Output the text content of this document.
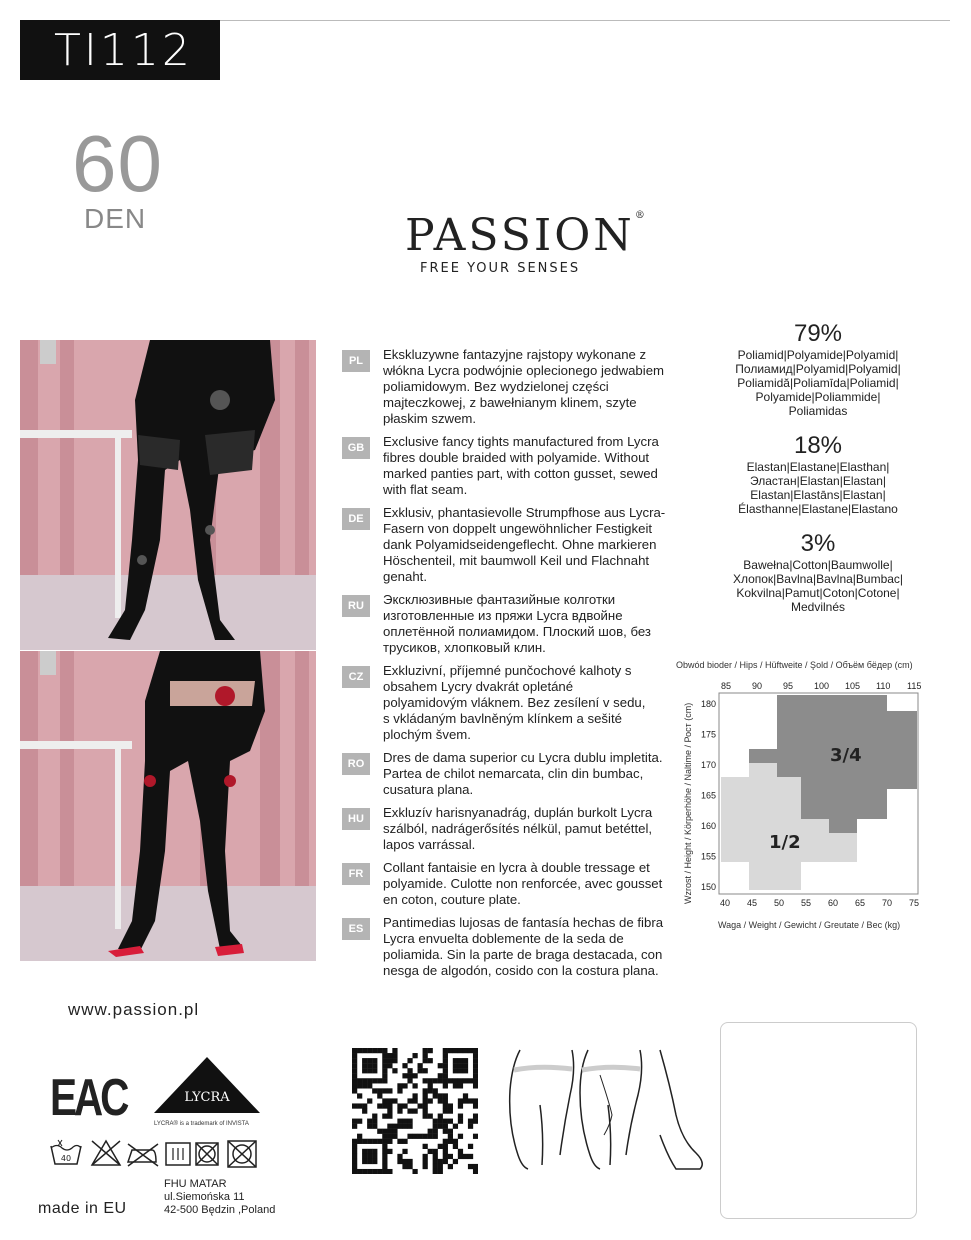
TI112
60
DEN	PASSION®
FREE YOUR SENSES
PL	Ekskluzywne fantazyjne rajstopy wykonane z włókna Lycra podwójnie oplecionego jedwabiem poliamidowym. Bez wydzielonej części majteczkowej, z bawełnianym klinem, szyte płaskim szwem.
GB	Exclusive fancy tights manufactured from Lycra fibres double braided with polyamide. Without marked panties part, with cotton gusset, sewed with flat seam.
DE	Exklusiv, phantasievolle Strumpfhose aus Lycra-Fasern von doppelt ungewöhnlicher Festigkeit dank Polyamidseidengeflecht. Ohne markieren Höschenteil, mit baumwoll Keil und Flachnaht genaht.
RU	Эксклюзивные фантазийные колготки изготовленные из пряжи Lycra вдвойне оплетённой полиамидом. Плоский шов, без трусиков, хлопковый клин.
CZ	Exkluzivní, příjemné punčochové kalhoty s obsahem Lycry dvakrát opletáné polyamidovým vláknem. Bez zesílení v sedu, s vkládaným bavlněným klínkem a sešité plochým švem.
RO	Dres de dama superior cu Lycra dublu impletita. Partea de chilot nemarcata, clin din bumbac, cusatura plana.
HU	Exkluzív harisnyanadrág, duplán burkolt Lycra szálból, nadrágerősítés nélkül, pamut betéttel, lapos varrással.
FR	Collant fantaisie en lycra à double tressage et polyamide. Culotte non renforcée, avec gousset en coton, couture plate.
ES	Pantimedias lujosas de fantasía hechas de fibra Lycra envuelta doblemente de la seda de poliamida. Sin la parte de braga destacada, con nesga de algodón, cosido con la costura plana.
79%
Poliamid|Polyamide|Polyamid| Полиамид|Polyamid|Polyamid| Poliamidă|Poliamīda|Poliamid| Polyamide|Poliammide| Poliamidas
18%
Elastan|Elastane|Elasthan| Эластан|Elastan|Elastan| Elastan|Elastāns|Elastan| Élasthanne|Elastane|Elastano
3%
Bawełna|Cotton|Baumwolle| Хлопок|Bavlna|Bavlna|Bumbac| Kokvilna|Pamut|Coton|Cotone| Medvilnés
Obwód bioder / Hips / Hüftweite / Şold / Объём бёдер (cm)
Wzrost / Height / Körperhöhe / Naltime / Рост (cm)
Waga / Weight / Gewicht / Greutate / Bec (kg)
85 90 95 100 105 110 115
180
175
170
165
160
155
150
40 45 50 55 60 65 70 75
1/2
3/4
www.passion.pl
EAC	LYCRA
LYCRA® is a trademark of INVISTA
40
made in EU
FHU MATAR
ul.Siemońska 11
42-500 Będzin ,Poland
